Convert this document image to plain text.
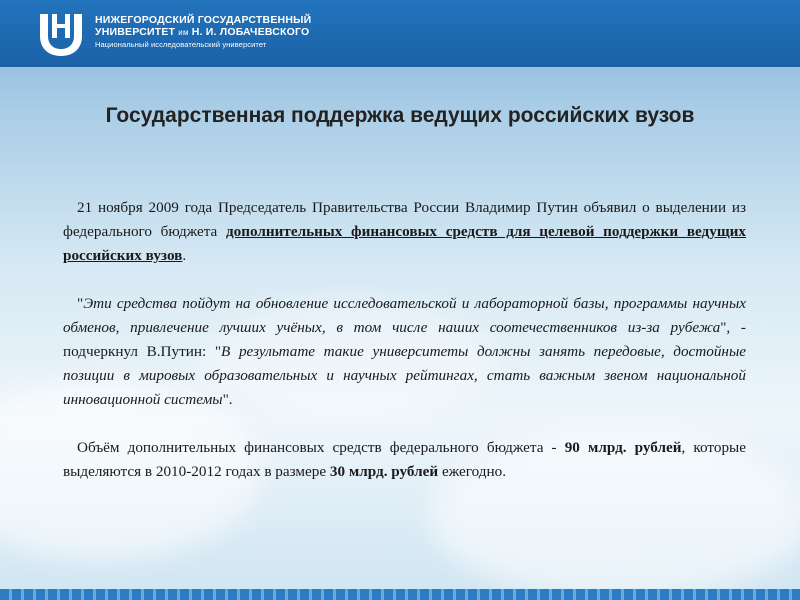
НИЖЕГОРОДСКИЙ ГОСУДАРСТВЕННЫЙ
УНИВЕРСИТЕТ им Н. И. ЛОБАЧЕВСКОГО
Национальный исследовательский университет
Государственная поддержка ведущих российских вузов

21 ноября 2009 года Председатель Правительства России Владимир Путин объявил о выделении из федерального бюджета дополнительных финансовых средств для целевой поддержки ведущих российских вузов.

"Эти средства пойдут на обновление исследовательской и лабораторной базы, программы научных обменов, привлечение лучших учёных, в том числе наших соотечественников из-за рубежа", - подчеркнул В.Путин: "В результате такие университеты должны занять передовые, достойные позиции в мировых образовательных и научных рейтингах, стать важным звеном национальной инновационной системы".

Объём дополнительных финансовых средств федерального бюджета - 90 млрд. рублей, которые выделяются в 2010-2012 годах в размере 30 млрд. рублей ежегодно.
